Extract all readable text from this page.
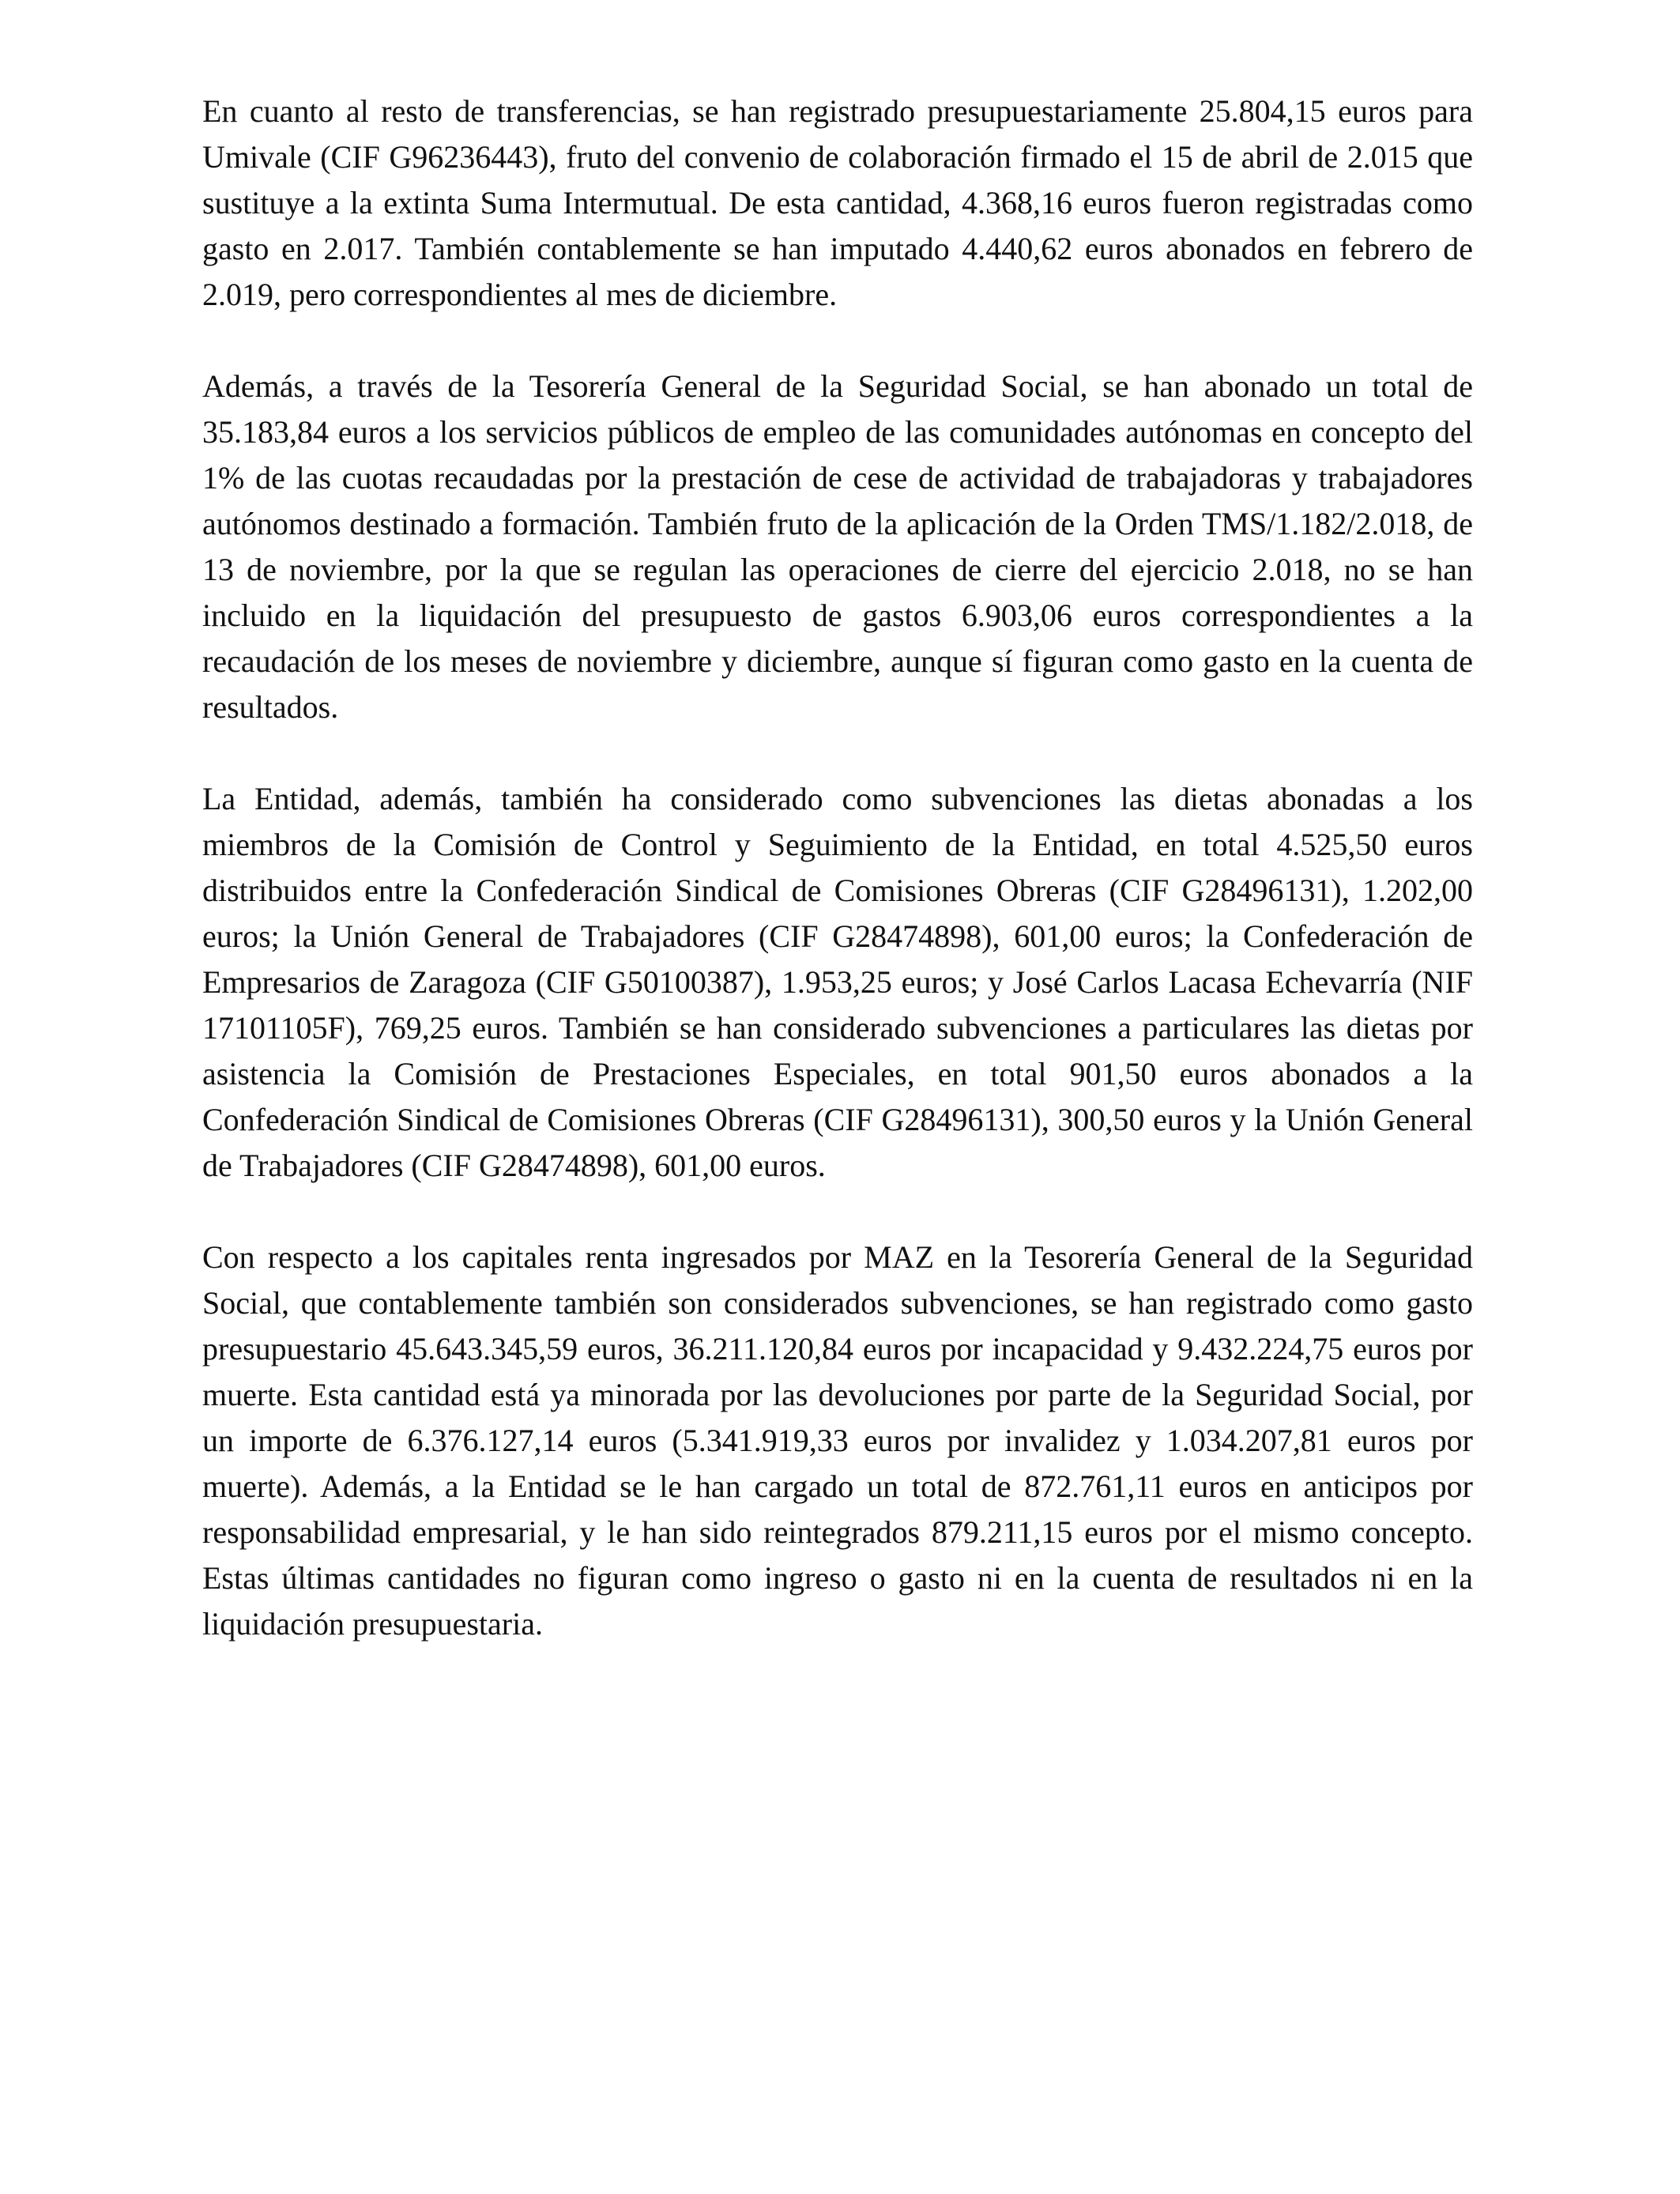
En cuanto al resto de transferencias, se han registrado presupuestariamente 25.804,15 euros para Umivale (CIF G96236443), fruto del convenio de colaboración firmado el 15 de abril de 2.015 que sustituye a la extinta Suma Intermutual. De esta cantidad, 4.368,16 euros fueron registradas como gasto en 2.017. También contablemente se han imputado 4.440,62 euros abonados en febrero de 2.019, pero correspondientes al mes de diciembre.

Además, a través de la Tesorería General de la Seguridad Social, se han abonado un total de 35.183,84 euros a los servicios públicos de empleo de las comunidades autónomas en concepto del 1% de las cuotas recaudadas por la prestación de cese de actividad de trabajadoras y trabajadores autónomos destinado a formación. También fruto de la aplicación de la Orden TMS/1.182/2.018, de 13 de noviembre, por la que se regulan las operaciones de cierre del ejercicio 2.018, no se han incluido en la liquidación del presupuesto de gastos 6.903,06 euros correspondientes a la recaudación de los meses de noviembre y diciembre, aunque sí figuran como gasto en la cuenta de resultados.

La Entidad, además, también ha considerado como subvenciones las dietas abonadas a los miembros de la Comisión de Control y Seguimiento de la Entidad, en total 4.525,50 euros distribuidos entre la Confederación Sindical de Comisiones Obreras (CIF G28496131), 1.202,00 euros; la Unión General de Trabajadores (CIF G28474898), 601,00 euros; la Confederación de Empresarios de Zaragoza (CIF G50100387), 1.953,25 euros; y José Carlos Lacasa Echevarría (NIF 17101105F), 769,25 euros. También se han considerado subvenciones a particulares las dietas por asistencia la Comisión de Prestaciones Especiales, en total 901,50 euros abonados a la Confederación Sindical de Comisiones Obreras (CIF G28496131), 300,50 euros y la Unión General de Trabajadores (CIF G28474898), 601,00 euros.

Con respecto a los capitales renta ingresados por MAZ en la Tesorería General de la Seguridad Social, que contablemente también son considerados subvenciones, se han registrado como gasto presupuestario 45.643.345,59 euros, 36.211.120,84 euros por incapacidad y 9.432.224,75 euros por muerte. Esta cantidad está ya minorada por las devoluciones por parte de la Seguridad Social, por un importe de 6.376.127,14 euros (5.341.919,33 euros por invalidez y 1.034.207,81 euros por muerte). Además, a la Entidad se le han cargado un total de 872.761,11 euros en anticipos por responsabilidad empresarial, y le han sido reintegrados 879.211,15 euros por el mismo concepto. Estas últimas cantidades no figuran como ingreso o gasto ni en la cuenta de resultados ni en la liquidación presupuestaria.
